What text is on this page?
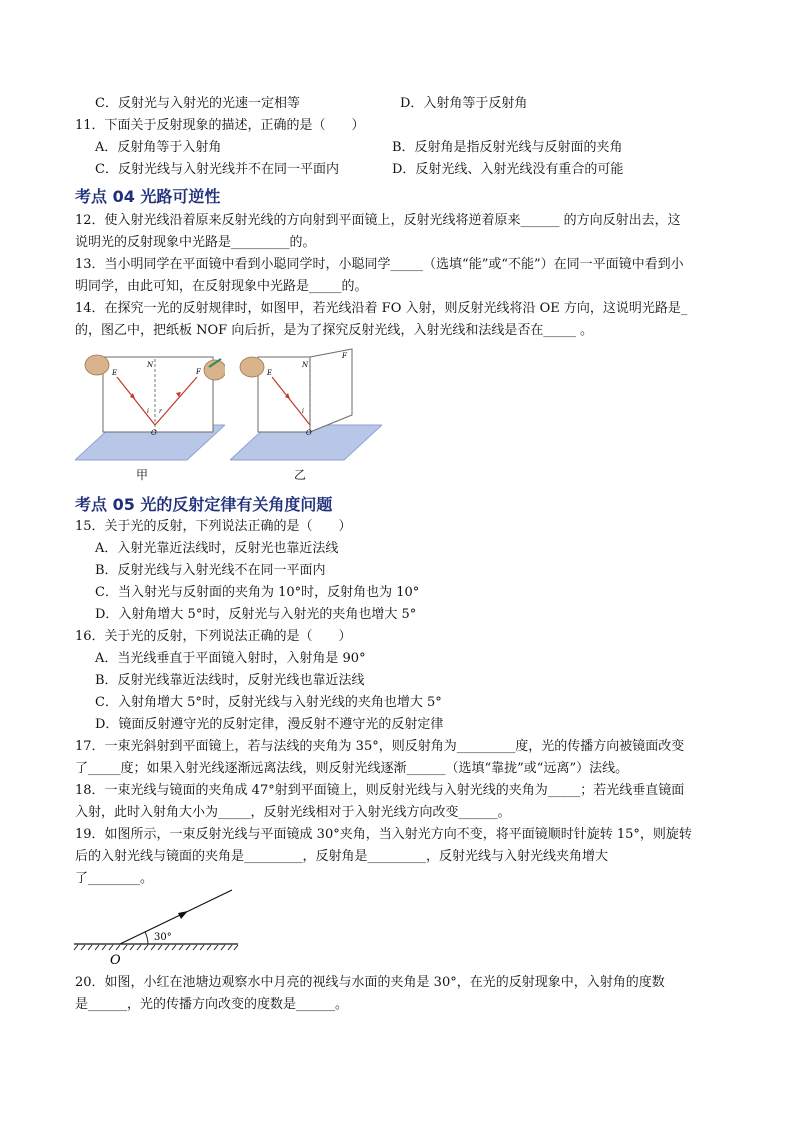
C．反射光与入射光的光速一定相等	D．入射角等于反射角
11．下面关于反射现象的描述，正确的是（　　）
A．反射角等于入射角	B．反射角是指反射光线与反射面的夹角
C．反射光线与入射光线并不在同一平面内	D．反射光线、入射光线没有重合的可能
考点 04 光路可逆性
12．使入射光线沿着原来反射光线的方向射到平面镜上，反射光线将逆着原来______ 的方向反射出去，这
说明光的反射现象中光路是_________的。
13．当小明同学在平面镜中看到小聪同学时，小聪同学_____（选填“能”或“不能”）在同一平面镜中看到小
明同学，由此可知，在反射现象中光路是_____的。
14．在探究一光的反射规律时，如图甲，若光线沿着 FO 入射，则反射光线将沿 OE 方向，这说明光路是_
的，图乙中，把纸板 NOF 向后折，是为了探究反射光线，入射光线和法线是否在_____ 。
N
E	F
i r
O
甲
N
E
F
i
O
乙
考点 05 光的反射定律有关角度问题
15．关于光的反射，下列说法正确的是（　　）
A．入射光靠近法线时，反射光也靠近法线
B．反射光线与入射光线不在同一平面内
C．当入射光与反射面的夹角为 10°时，反射角也为 10°
D．入射角增大 5°时，反射光与入射光的夹角也增大 5°
16．关于光的反射，下列说法正确的是（　　）
A．当光线垂直于平面镜入射时，入射角是 90°
B．反射光线靠近法线时，反射光线也靠近法线
C．入射角增大 5°时，反射光线与入射光线的夹角也增大 5°
D．镜面反射遵守光的反射定律，漫反射不遵守光的反射定律
17．一束光斜射到平面镜上，若与法线的夹角为 35°，则反射角为_________度，光的传播方向被镜面改变
了_____度；如果入射光线逐渐远离法线，则反射光线逐渐______（选填“靠拢”或“远离”）法线。
18．一束光线与镜面的夹角成 47°射到平面镜上，则反射光线与入射光线的夹角为_____；若光线垂直镜面
入射，此时入射角大小为_____，反射光线相对于入射光线方向改变______。
19．如图所示，一束反射光线与平面镜成 30°夹角，当入射光方向不变，将平面镜顺时针旋转 15°，则旋转
后的入射光线与镜面的夹角是_________，反射角是_________，反射光线与入射光线夹角增大
了________。
30°
O
20．如图，小红在池塘边观察水中月亮的视线与水面的夹角是 30°，在光的反射现象中，入射角的度数
是______，光的传播方向改变的度数是______。
